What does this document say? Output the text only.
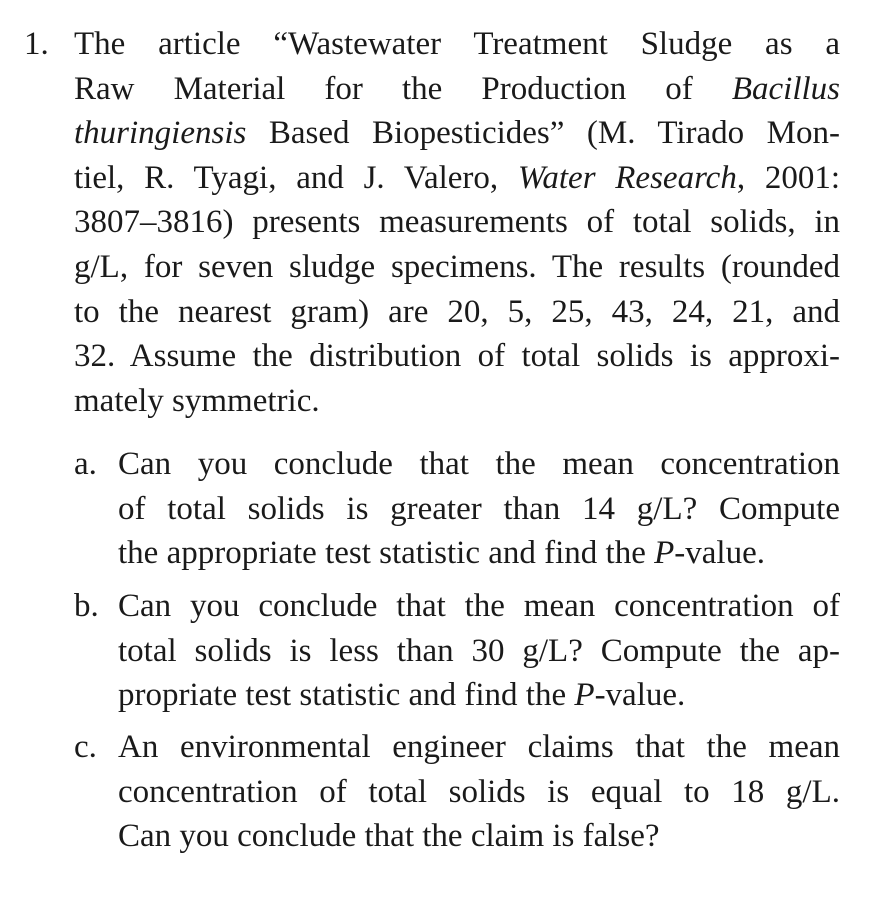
1. The article “Wastewater Treatment Sludge as a
Raw Material for the Production of Bacillus
thuringiensis Based Biopesticides” (M. Tirado Mon-
tiel, R. Tyagi, and J. Valero, Water Research, 2001:
3807–3816) presents measurements of total solids, in
g/L, for seven sludge specimens. The results (rounded
to the nearest gram) are 20, 5, 25, 43, 24, 21, and
32. Assume the distribution of total solids is approxi-
mately symmetric.
a. Can you conclude that the mean concentration
of total solids is greater than 14 g/L? Compute
the appropriate test statistic and find the P-value.
b. Can you conclude that the mean concentration of
total solids is less than 30 g/L? Compute the ap-
propriate test statistic and find the P-value.
c. An environmental engineer claims that the mean
concentration of total solids is equal to 18 g/L.
Can you conclude that the claim is false?
